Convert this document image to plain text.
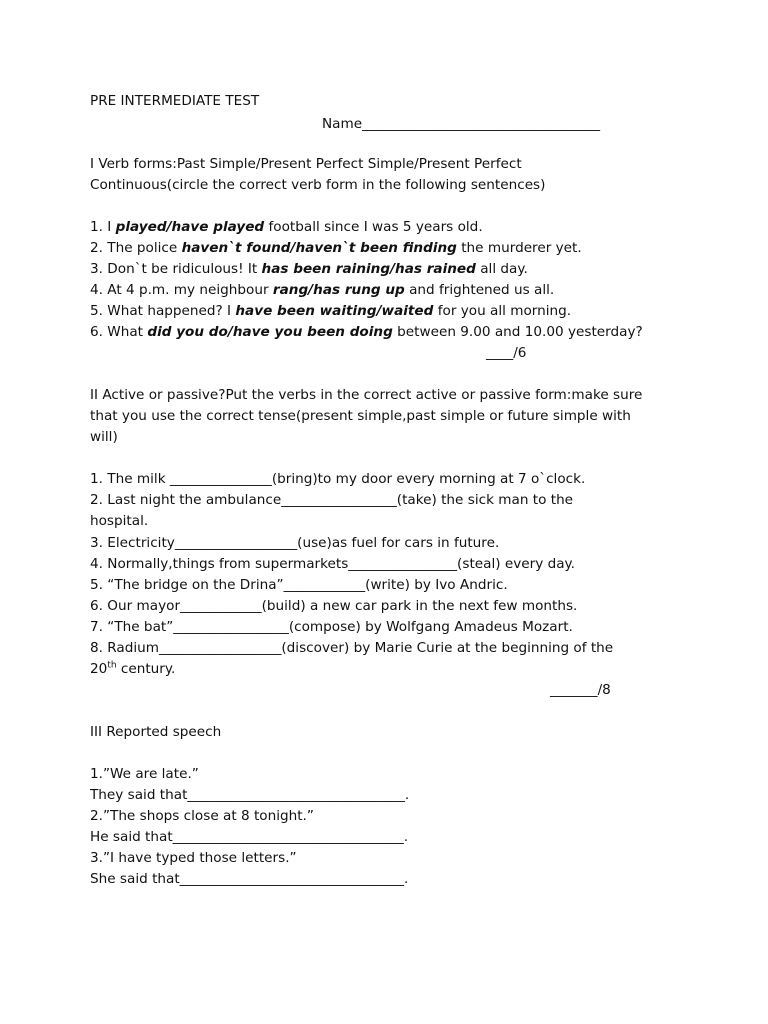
PRE INTERMEDIATE TEST
Name___________________________________
I Verb forms:Past Simple/Present Perfect Simple/Present Perfect
Continuous(circle the correct verb form in the following sentences)
1. I played/have played football since I was 5 years old.
2. The police haven`t found/haven`t been finding the murderer yet.
3. Don`t be ridiculous! It has been raining/has rained all day.
4. At 4 p.m. my neighbour rang/has rung up and frightened us all.
5. What happened? I have been waiting/waited for you all morning.
6. What did you do/have you been doing between 9.00 and 10.00 yesterday?
____/6
II Active or passive?Put the verbs in the correct active or passive form:make sure
that you use the correct tense(present simple,past simple or future simple with
will)
1. The milk _______________(bring)to my door every morning at 7 o`clock.
2. Last night the ambulance_________________(take) the sick man to the
hospital.
3. Electricity__________________(use)as fuel for cars in future.
4. Normally,things from supermarkets________________(steal) every day.
5. “The bridge on the Drina”____________(write) by Ivo Andric.
6. Our mayor____________(build) a new car park in the next few months.
7. “The bat”_________________(compose) by Wolfgang Amadeus Mozart.
8. Radium__________________(discover) by Marie Curie at the beginning of the
20th century.
_______/8
III Reported speech
1.”We are late.”
They said that________________________________.
2.”The shops close at 8 tonight.”
He said that__________________________________.
3.”I have typed those letters.”
She said that_________________________________.
